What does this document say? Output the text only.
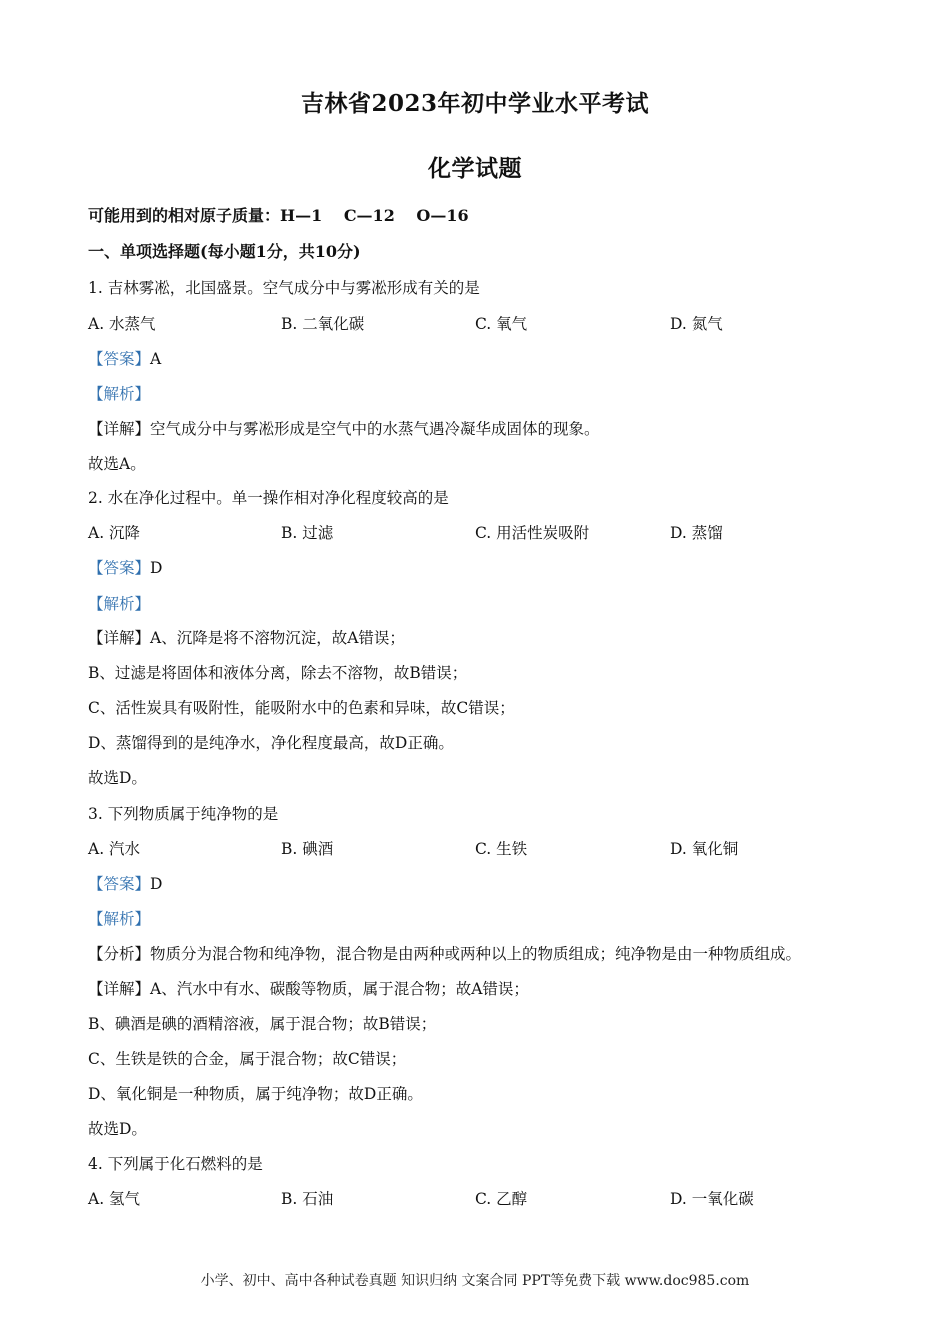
吉林省2023年初中学业水平考试
化学试题
可能用到的相对原子质量：H—1　 C—12　 O—16
一、单项选择题(每小题1分，共10分)
1. 吉林雾凇，北国盛景。空气成分中与雾凇形成有关的是
A. 水蒸气	B. 二氧化碳	C. 氧气	D. 氮气
【答案】A
【解析】
【详解】空气成分中与雾凇形成是空气中的水蒸气遇冷凝华成固体的现象。
故选A。
2. 水在净化过程中。单一操作相对净化程度较高的是
A. 沉降	B. 过滤	C. 用活性炭吸附	D. 蒸馏
【答案】D
【解析】
【详解】A、沉降是将不溶物沉淀，故A错误；
B、过滤是将固体和液体分离，除去不溶物，故B错误；
C、活性炭具有吸附性，能吸附水中的色素和异味，故C错误；
D、蒸馏得到的是纯净水，净化程度最高，故D正确。
故选D。
3. 下列物质属于纯净物的是
A. 汽水	B. 碘酒	C. 生铁	D. 氧化铜
【答案】D
【解析】
【分析】物质分为混合物和纯净物，混合物是由两种或两种以上的物质组成；纯净物是由一种物质组成。
【详解】A、汽水中有水、碳酸等物质，属于混合物；故A错误；
B、碘酒是碘的酒精溶液，属于混合物；故B错误；
C、生铁是铁的合金，属于混合物；故C错误；
D、氧化铜是一种物质，属于纯净物；故D正确。
故选D。
4. 下列属于化石燃料的是
A. 氢气	B. 石油	C. 乙醇	D. 一氧化碳
小学、初中、高中各种试卷真题 知识归纳 文案合同 PPT等免费下载 www.doc985.com
